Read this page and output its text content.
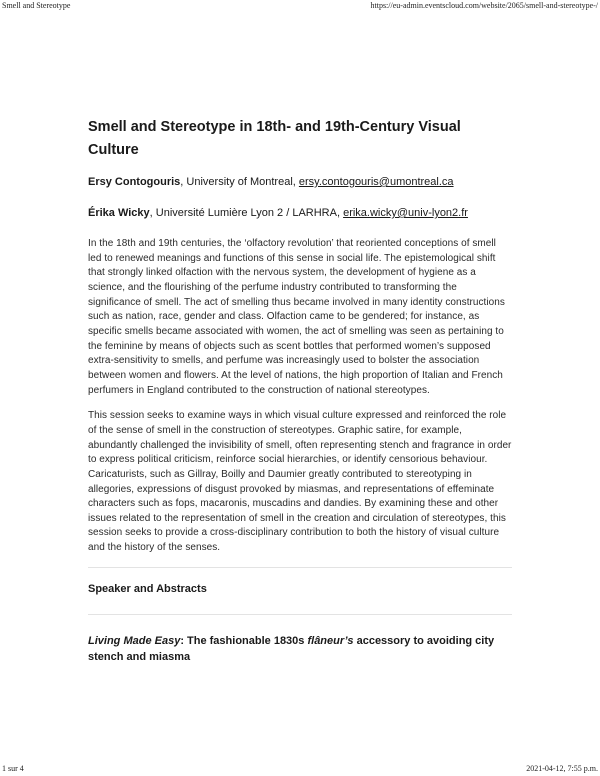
Smell and Stereotype	https://eu-admin.eventscloud.com/website/2065/smell-and-stereotype-/
Smell and Stereotype in 18th- and 19th-Century Visual Culture
Ersy Contogouris, University of Montreal, ersy.contogouris@umontreal.ca
Érika Wicky, Université Lumière Lyon 2 / LARHRA, erika.wicky@univ-lyon2.fr

In the 18th and 19th centuries, the ‘olfactory revolution’ that reoriented conceptions of smell led to renewed meanings and functions of this sense in social life. The epistemological shift that strongly linked olfaction with the nervous system, the development of hygiene as a science, and the flourishing of the perfume industry contributed to transforming the significance of smell. The act of smelling thus became involved in many identity constructions such as nation, race, gender and class. Olfaction came to be gendered; for instance, as specific smells became associated with women, the act of smelling was seen as pertaining to the feminine by means of objects such as scent bottles that performed women’s supposed extra-sensitivity to smells, and perfume was increasingly used to bolster the association between women and flowers. At the level of nations, the high proportion of Italian and French perfumers in England contributed to the construction of national stereotypes.

This session seeks to examine ways in which visual culture expressed and reinforced the role of the sense of smell in the construction of stereotypes. Graphic satire, for example, abundantly challenged the invisibility of smell, often representing stench and fragrance in order to express political criticism, reinforce social hierarchies, or identify censorious behaviour. Caricaturists, such as Gillray, Boilly and Daumier greatly contributed to stereotyping in allegories, expressions of disgust provoked by miasmas, and representations of effeminate characters such as fops, macaronis, muscadins and dandies. By examining these and other issues related to the representation of smell in the creation and circulation of stereotypes, this session seeks to provide a cross-disciplinary contribution to both the history of visual culture and the history of the senses.

Speaker and Abstracts
Living Made Easy: The fashionable 1830s flâneur’s accessory to avoiding city stench and miasma
1 sur 4	2021-04-12, 7:55 p.m.
